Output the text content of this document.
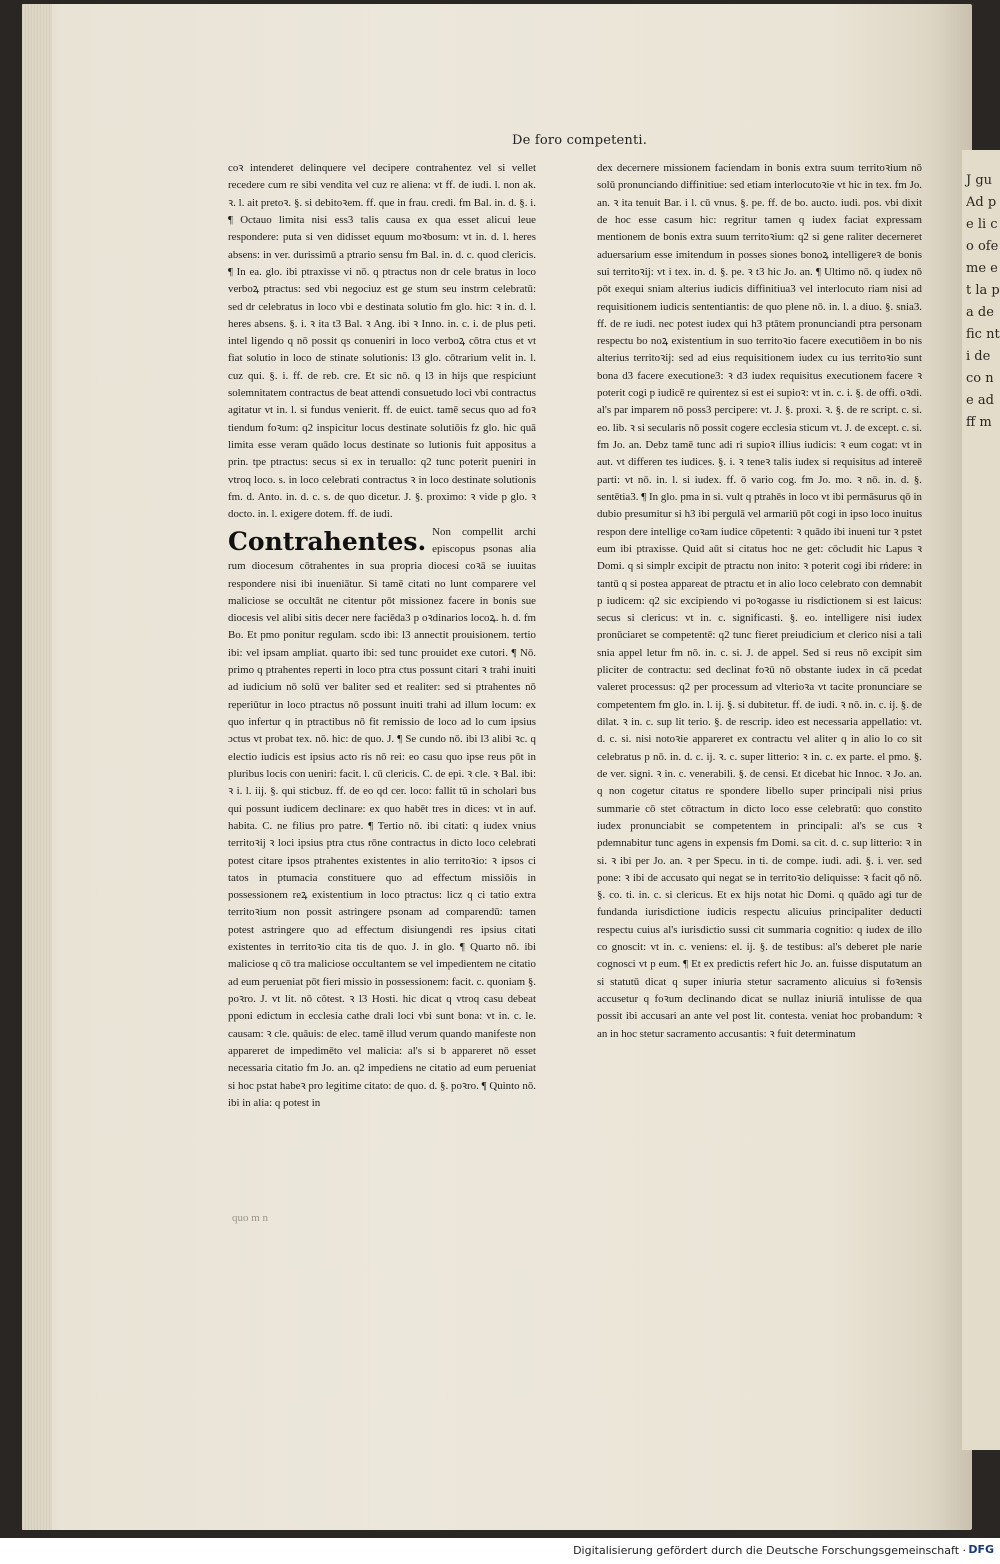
J gu Ad pe li co ofe me et la pa de fic nti de co ne ad ff m
De foro competenti.

coꝛ intenderet delinquere vel decipere contrahentez vel si vellet recedere cum re sibi vendita vel cuz re aliena: vt ff. de iudi. l. non ak. ꝛ. l. ait pretoꝛ. §. si debitoꝛem. ff. que in frau. credi. fm Bal. in. d. §. i. ¶ Octauo limita nisi ess3 talis causa ex qua esset alicui leue respondere: puta si ven didisset equum moꝛbosum: vt in. d. l. heres absens: in ver. durissimū a ptrario sensu fm Bal. in. d. c. quod clericis. ¶ In ea. glo. ibi ptraxisse vi nō. q ptractus non dr cele bratus in loco verboꝝ ptractus: sed vbi negociuz est ge stum seu instrm celebratū: sed dr celebratus in loco vbi e destinata solutio fm glo. hic: ꝛ in. d. l. heres absens. §. i. ꝛ ita t3 Bal. ꝛ Ang. ibi ꝛ Inno. in. c. i. de plus peti. intel ligendo q nō possit qs conueniri in loco verboꝝ cōtra ctus et vt fiat solutio in loco de stinate solutionis: l3 glo. cōtrarium velit in. l. cuz qui. §. i. ff. de reb. cre. Et sic nō. q l3 in hijs que respiciunt solemnitatem contractus de beat attendi consuetudo loci vbi contractus agitatur vt in. l. si fundus venierit. ff. de euict. tamē secus quo ad foꝛ tiendum foꝛum: q2 inspicitur locus destinate solutiōis fz glo. hic quā limita esse veram quādo locus destinate so lutionis fuit appositus a prin. tpe ptractus: secus si ex in teruallo: q2 tunc poterit pueniri in vtroq loco. s. in loco celebrati contractus ꝛ in loco destinate solutionis fm. d. Anto. in. d. c. s. de quo dicetur. J. §. proximo: ꝛ vide p glo. ꝛ docto. in. l. exigere dotem. ff. de iudi.

Contrahentes. Non compellit archi episcopus psonas alia rum diocesum cōtrahentes in sua propria diocesi coꝛā se iuuitas respondere nisi ibi inueniātur. Si tamē citati no lunt comparere vel maliciose se occultāt ne citentur pōt missionez facere in bonis sue diocesis vel alibi sitis decer nere faciēda3 p oꝛdinarios locoꝝ. h. d. fm Bo. Et pmo ponitur regulam. scdo ibi: l3 annectit prouisionem. tertio ibi: vel ipsam ampliat. quarto ibi: sed tunc prouidet exe cutori. ¶ Nō. primo q ptrahentes reperti in loco ptra ctus possunt citari ꝛ trahi inuiti ad iudicium nō solū ver baliter sed et realiter: sed si ptrahentes nō reperiūtur in loco ptractus nō possunt inuiti trahi ad illum locum: ex quo infertur q in ptractibus nō fit remissio de loco ad lo cum ipsius ɔctus vt probat tex. nō. hic: de quo. J. ¶ Se cundo nō. ibi l3 alibi ꝛc. q electio iudicis est ipsius acto ris nō rei: eo casu quo ipse reus pōt in pluribus locis con ueniri: facit. l. cū clericis. C. de epi. ꝛ cle. ꝛ Bal. ibi: ꝛ i. l. iij. §. qui sticbuz. ff. de eo qd cer. loco: fallit tū in scholari bus qui possunt iudicem declinare: ex quo habēt tres in dices: vt in auf. habita. C. ne filius pro patre. ¶ Tertio nō. ibi citati: q iudex vnius territoꝛij ꝛ loci ipsius ptra ctus rōne contractus in dicto loco celebrati potest citare ipsos ptrahentes existentes in alio territoꝛio: ꝛ ipsos ci tatos in ptumacia constituere quo ad effectum missiōis in possessionem reꝝ existentium in loco ptractus: licz q ci tatio extra territoꝛium non possit astringere psonam ad comparendū: tamen potest astringere quo ad effectum disiungendi res ipsius citati existentes in territoꝛio cita tis de quo. J. in glo. ¶ Quarto nō. ibi maliciose q cō tra maliciose occultantem se vel impedientem ne citatio ad eum perueniat pōt fieri missio in possessionem: facit. c. quoniam §. poꝛro. J. vt lit. nō cōtest. ꝛ l3 Hosti. hic dicat q vtroq casu debeat pponi edictum in ecclesia cathe drali loci vbi sunt bona: vt in. c. le. causam: ꝛ cle. quāuis: de elec. tamē illud verum quando manifeste non appareret de impedimēto vel malicia: al's si b appareret nō esset necessaria citatio fm Jo. an. q2 impediens ne citatio ad eum perueniat si hoc pstat habeꝛ pro legitime citato: de quo. d. §. poꝛro. ¶ Quinto nō. ibi in alia: q potest in

dex decernere missionem faciendam in bonis extra suum territoꝛium nō solū pronunciando diffinitiue: sed etiam interlocutoꝛie vt hic in tex. fm Jo. an. ꝛ ita tenuit Bar. i l. cū vnus. §. pe. ff. de bo. aucto. iudi. pos. vbi dixit de hoc esse casum hic: regritur tamen q iudex faciat expressam mentionem de bonis extra suum territoꝛium: q2 si gene raliter decerneret aduersarium esse imitendum in posses siones bonoꝝ intelligereꝛ de bonis sui territoꝛij: vt i tex. in. d. §. pe. ꝛ t3 hic Jo. an. ¶ Ultimo nō. q iudex nō pōt exequi sniam alterius iudicis diffinitiua3 vel interlocuto riam nisi ad requisitionem iudicis sententiantis: de quo plene nō. in. l. a diuo. §. snia3. ff. de re iudi. nec potest iudex qui h3 ptātem pronunciandi ptra personam respectu bo noꝝ existentium in suo territoꝛio facere executiōem in bo nis alterius territoꝛij: sed ad eius requisitionem iudex cu ius territoꝛio sunt bona d3 facere executione3: ꝛ d3 iudex requisitus executionem facere ꝛ poterit cogi p iudicē re quirentez si est ei supioꝛ: vt in. c. i. §. de offi. oꝛdi. al's par imparem nō poss3 percipere: vt. J. §. proxi. ꝛ. §. de re script. c. si. eo. lib. ꝛ si secularis nō possit cogere ecclesia sticum vt. J. de except. c. si. fm Jo. an. Debz tamē tunc adi ri supioꝛ illius iudicis: ꝛ eum cogat: vt in aut. vt differen tes iudices. §. i. ꝛ teneꝛ talis iudex si requisitus ad intereē parti: vt nō. in. l. si iudex. ff. ō vario cog. fm Jo. mo. ꝛ nō. in. d. §. sentētia3. ¶ In glo. pma in si. vult q ptrahēs in loco vt ibi permāsurus qō in dubio presumitur si h3 ibi pergulā vel armariū pōt cogi in ipso loco inuitus respon dere intellige coꝛam iudice cōpetenti: ꝛ quādo ibi inueni tur ꝛ pstet eum ibi ptraxisse. Quid aūt si citatus hoc ne get: cōcludit hic Lapus ꝛ Domi. q si simplr excipit de ptractu non inito: ꝛ poterit cogi ibi rńdere: in tantū q si postea appareat de ptractu et in alio loco celebrato con demnabit p iudicem: q2 sic excipiendo vi poꝛogasse iu risdictionem si est laicus: secus si clericus: vt in. c. significasti. §. eo. intelligere nisi iudex pronūciaret se competentē: q2 tunc fieret preiudicium et clerico nisi a tali snia appel letur fm nō. in. c. si. J. de appel. Sed si reus nō excipit sim pliciter de contractu: sed declinat foꝛū nō obstante iudex in cā pcedat valeret processus: q2 per processum ad vlterioꝛa vt tacite pronunciare se competentem fm glo. in. l. ij. §. si dubitetur. ff. de iudi. ꝛ nō. in. c. ij. §. de dilat. ꝛ in. c. sup lit terio. §. de rescrip. ideo est necessaria appellatio: vt. d. c. si. nisi notoꝛie appareret ex contractu vel aliter q in alio lo co sit celebratus p nō. in. d. c. ij. ꝛ. c. super litterio: ꝛ in. c. ex parte. el pmo. §. de ver. signi. ꝛ in. c. venerabili. §. de censi. Et dicebat hic Innoc. ꝛ Jo. an. q non cogetur citatus re spondere libello super principali nisi prius summarie cō stet cōtractum in dicto loco esse celebratū: quo constito iudex pronunciabit se competentem in principali: al's se cus ꝛ pdemnabitur tunc agens in expensis fm Domi. sa cit. d. c. sup litterio: ꝛ in si. ꝛ ibi per Jo. an. ꝛ per Specu. in ti. de compe. iudi. adi. §. i. ver. sed pone: ꝛ ibi de accusato qui negat se in territoꝛio deliquisse: ꝛ facit qō nō. §. co. ti. in. c. si clericus. Et ex hijs notat hic Domi. q quādo agi tur de fundanda iurisdictione iudicis respectu alicuius principaliter deducti respectu cuius al's iurisdictio sussi cit summaria cognitio: q iudex de illo co gnoscit: vt in. c. veniens: el. ij. §. de testibus: al's deberet ple narie cognosci vt p eum. ¶ Et ex predictis refert hic Jo. an. fuisse disputatum an si statutū dicat q super iniuria stetur sacramento alicuius si foꝛensis accusetur q foꝛum declinando dicat se nullaz iniuriā intulisse de qua possit ibi accusari an ante vel post lit. contesta. veniat hoc probandum: ꝛ an in hoc stetur sacramento accusantis: ꝛ fuit determinatum

quo m n
Digitalisierung gefördert durch die Deutsche Forschungsgemeinschaft · DFG
